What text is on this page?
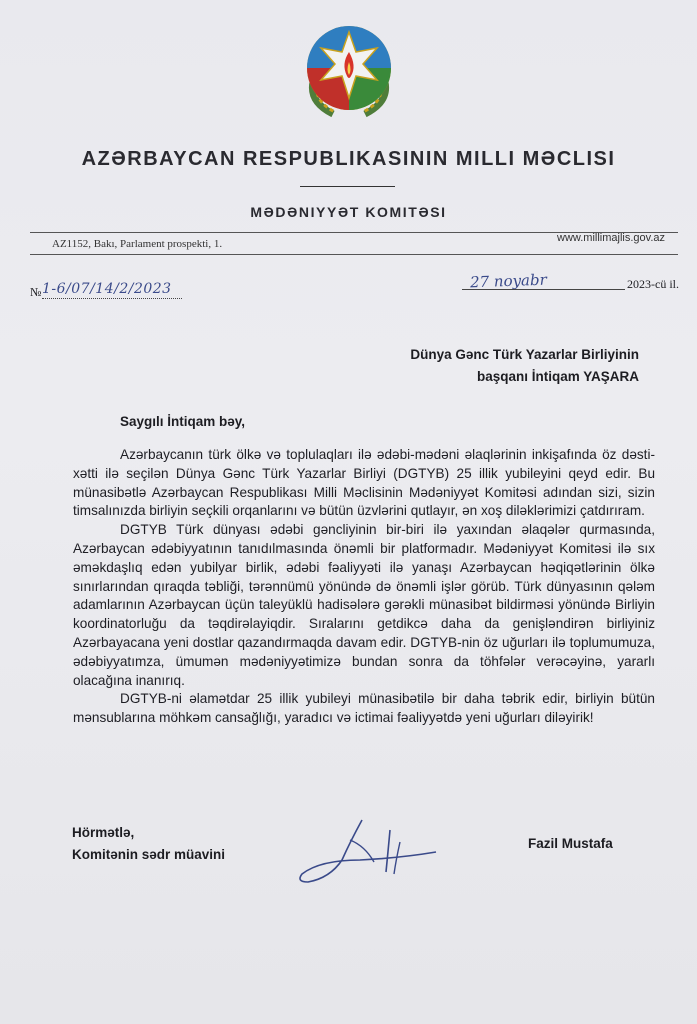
AZƏRBAYCAN RESPUBLIKASININ MILLI MƏCLISI
MƏDƏNIYYƏT KOMITƏSI
AZ1152, Bakı, Parlament prospekti, 1.	www.millimajlis.gov.az
№ 1-6/07/14/2/2023	27 noyabr	2023-cü il.
Dünya Gənc Türk Yazarlar Birliyinin
başqanı İntiqam YAŞARA
Saygılı İntiqam bəy,

Azərbaycanın türk ölkə və toplulaqları ilə ədəbi-mədəni əlaqlərinin inkişafında öz dəsti-xətti ilə seçilən Dünya Gənc Türk Yazarlar Birliyi (DGTYB) 25 illik yubileyini qeyd edir. Bu münasibətlə Azərbaycan Respublikası Milli Məclisinin Mədəniyyət Komitəsi adından sizi, sizin timsalınızda birliyin seçkili orqanlarını və bütün üzvlərini qutlayır, ən xoş diləklərimizi çatdırıram.

DGTYB Türk dünyası ədəbi gəncliyinin bir-biri ilə yaxından əlaqələr qurmasında, Azərbaycan ədəbiyyatının tanıdılmasında önəmli bir platformadır. Mədəniyyət Komitəsi ilə sıx əməkdaşlıq edən yubilyar birlik, ədəbi fəaliyyəti ilə yanaşı Azərbaycan həqiqətlərinin ölkə sınırlarından qıraqda təbliği, tərənnümü yönündə də önəmli işlər görüb. Türk dünyasının qələm adamlarının Azərbaycan üçün taleyüklü hadisələrə gərəkli münasibət bildirməsi yönündə Birliyin koordinatorluğu da təqdirəlayiqdir. Sıralarını getdikcə daha da genişləndirən birliyiniz Azərbayacana yeni dostlar qazandırmaqda davam edir. DGTYB-nin öz uğurları ilə toplumumuza, ədəbiyyatımza, ümumən mədəniyyətimizə bundan sonra da töhfələr verəcəyinə, yararlı olacağına inanırıq.

DGTYB-ni əlamətdar 25 illik yubileyi münasibətilə bir daha təbrik edir, birliyin bütün mənsublarına möhkəm cansağlığı, yaradıcı və ictimai fəaliyyətdə yeni uğurları diləyirik!

Hörmətlə,
Komitənin sədr müavini
Fazil Mustafa
